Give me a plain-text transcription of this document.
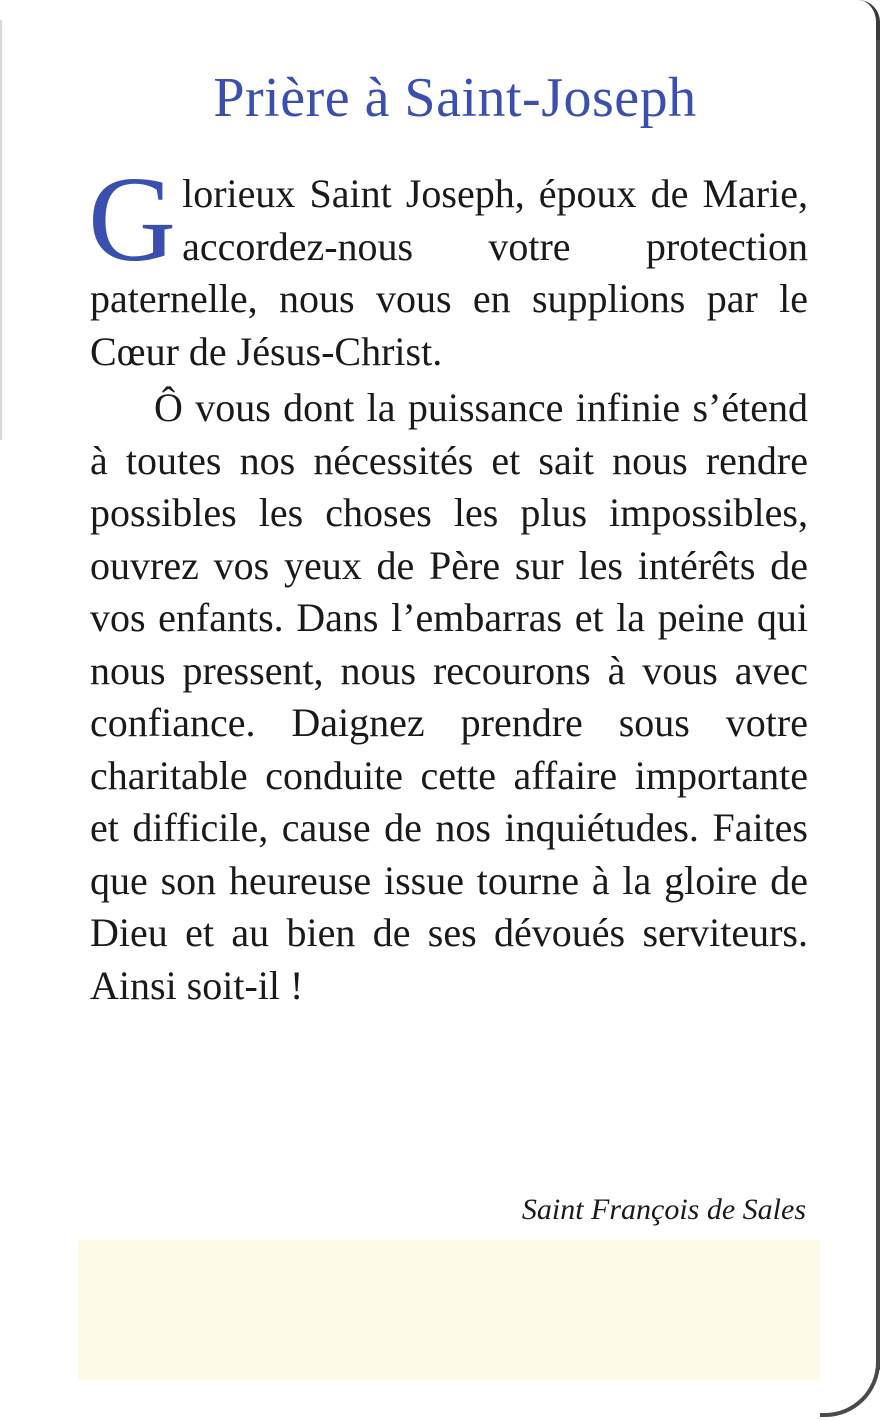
Prière à Saint-Joseph

Glorieux Saint Joseph, époux de Marie, accordez-nous votre protection paternelle, nous vous en supplions par le Cœur de Jésus-Christ.

Ô vous dont la puissance infinie s’étend à toutes nos nécessités et sait nous rendre possibles les choses les plus impossibles, ouvrez vos yeux de Père sur les intérêts de vos enfants. Dans l’embarras et la peine qui nous pressent, nous recourons à vous avec confiance. Daignez prendre sous votre charitable conduite cette affaire importante et difficile, cause de nos inquiétudes. Faites que son heureuse issue tourne à la gloire de Dieu et au bien de ses dévoués serviteurs. Ainsi soit-il !

Saint François de Sales
